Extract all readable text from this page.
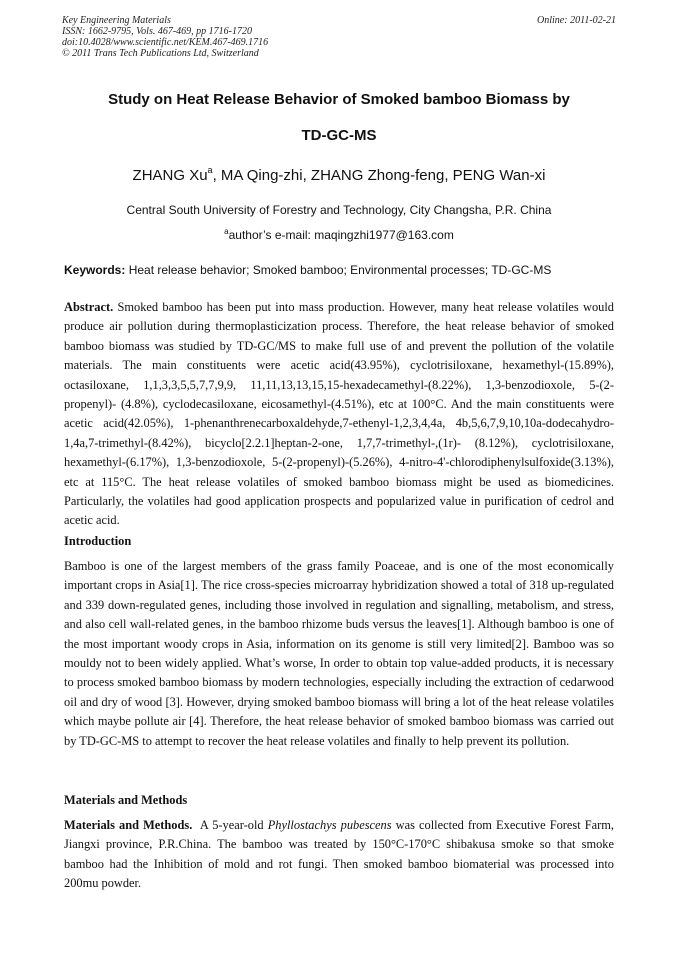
Key Engineering Materials
ISSN: 1662-9795, Vols. 467-469, pp 1716-1720
doi:10.4028/www.scientific.net/KEM.467-469.1716
© 2011 Trans Tech Publications Ltd, Switzerland
Online: 2011-02-21
Study on Heat Release Behavior of Smoked bamboo Biomass by
TD-GC-MS
ZHANG Xu$^a$, MA Qing-zhi, ZHANG Zhong-feng, PENG Wan-xi
Central South University of Forestry and Technology, City Changsha, P.R. China
$^a$author’s e-mail: maqingzhi1977@163.com
Keywords: Heat release behavior; Smoked bamboo; Environmental processes; TD-GC-MS

Abstract. Smoked bamboo has been put into mass production. However, many heat release volatiles would produce air pollution during thermoplasticization process. Therefore, the heat release behavior of smoked bamboo biomass was studied by TD-GC/MS to make full use of and prevent the pollution of the volatile materials. The main constituents were acetic acid(43.95%), cyclotrisiloxane, hexamethyl-(15.89%), octasiloxane, 1,1,3,3,5,5,7,7,9,9, 11,11,13,13,15,15-hexadecamethyl-(8.22%), 1,3-benzodioxole, 5-(2-propenyl)- (4.8%), cyclodecasiloxane, eicosamethyl-(4.51%), etc at 100°C. And the main constituents were acetic acid(42.05%), 1-phenanthrenecarboxaldehyde,7-ethenyl-1,2,3,4,4a, 4b,5,6,7,9,10,10a-dodecahydro-1,4a,7-trimethyl-(8.42%), bicyclo[2.2.1]heptan-2-one, 1,7,7-trimethyl-,(1r)- (8.12%), cyclotrisiloxane, hexamethyl-(6.17%), 1,3-benzodioxole, 5-(2-propenyl)-(5.26%), 4-nitro-4'-chlorodiphenylsulfoxide(3.13%), etc at 115°C. The heat release volatiles of smoked bamboo biomass might be used as biomedicines. Particularly, the volatiles had good application prospects and popularized value in purification of cedrol and acetic acid.

Introduction

Bamboo is one of the largest members of the grass family Poaceae, and is one of the most economically important crops in Asia[1]. The rice cross-species microarray hybridization showed a total of 318 up-regulated and 339 down-regulated genes, including those involved in regulation and signalling, metabolism, and stress, and also cell wall-related genes, in the bamboo rhizome buds versus the leaves[1]. Although bamboo is one of the most important woody crops in Asia, information on its genome is still very limited[2]. Bamboo was so mouldy not to been widely applied. What’s worse, In order to obtain top value-added products, it is necessary to process smoked bamboo biomass by modern technologies, especially including the extraction of cedarwood oil and dry of wood [3]. However, drying smoked bamboo biomass will bring a lot of the heat release volatiles which maybe pollute air [4]. Therefore, the heat release behavior of smoked bamboo biomass was carried out by TD-GC-MS to attempt to recover the heat release volatiles and finally to help prevent its pollution.

Materials and Methods

Materials and Methods. A 5-year-old Phyllostachys pubescens was collected from Executive Forest Farm, Jiangxi province, P.R.China. The bamboo was treated by 150°C-170°C shibakusa smoke so that smoke bamboo had the Inhibition of mold and rot fungi. Then smoked bamboo biomaterial was processed into 200mu powder.
